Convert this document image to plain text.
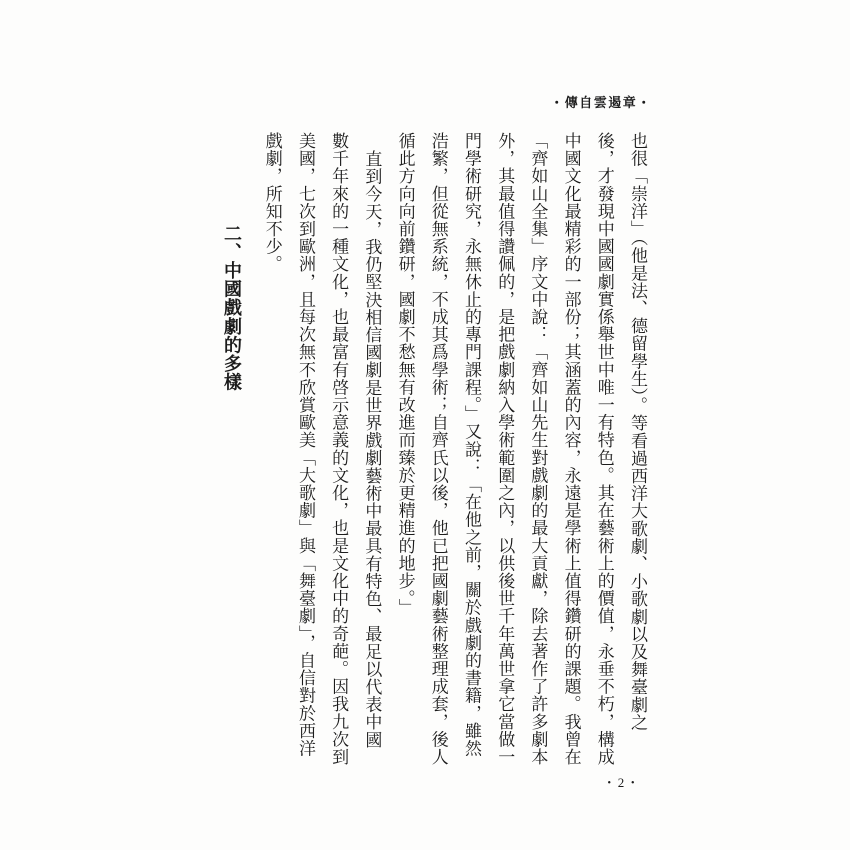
・傳自雲遏章・
也很「崇洋」（他是法、德留學生）。等看過西洋大歌劇、小歌劇以及舞臺劇之
後，才發現中國國劇實係舉世中唯一有特色。其在藝術上的價值，永垂不朽，構成
中國文化最精彩的一部份；其涵蓋的內容，永遠是學術上值得鑽研的課題。我曾在
「齊如山全集」序文中說：「齊如山先生對戲劇的最大貢獻，除去著作了許多劇本
外，其最值得讚佩的，是把戲劇納入學術範圍之內，以供後世千年萬世拿它當做一
門學術研究，永無休止的專門課程。」又說：「在他之前，關於戲劇的書籍，雖然
浩繁，但從無系統，不成其爲學術；自齊氏以後，他已把國劇藝術整理成套，後人
循此方向向前鑽研，國劇不愁無有改進而臻於更精進的地步。」
直到今天，我仍堅決相信國劇是世界戲劇藝術中最具有特色、最足以代表中國
數千年來的一種文化，也最富有啓示意義的文化，也是文化中的奇葩。因我九次到
美國，七次到歐洲，且每次無不欣賞歐美「大歌劇」與「舞臺劇」，自信對於西洋
戲劇，所知不少。
二、中國戲劇的多樣
・2・
